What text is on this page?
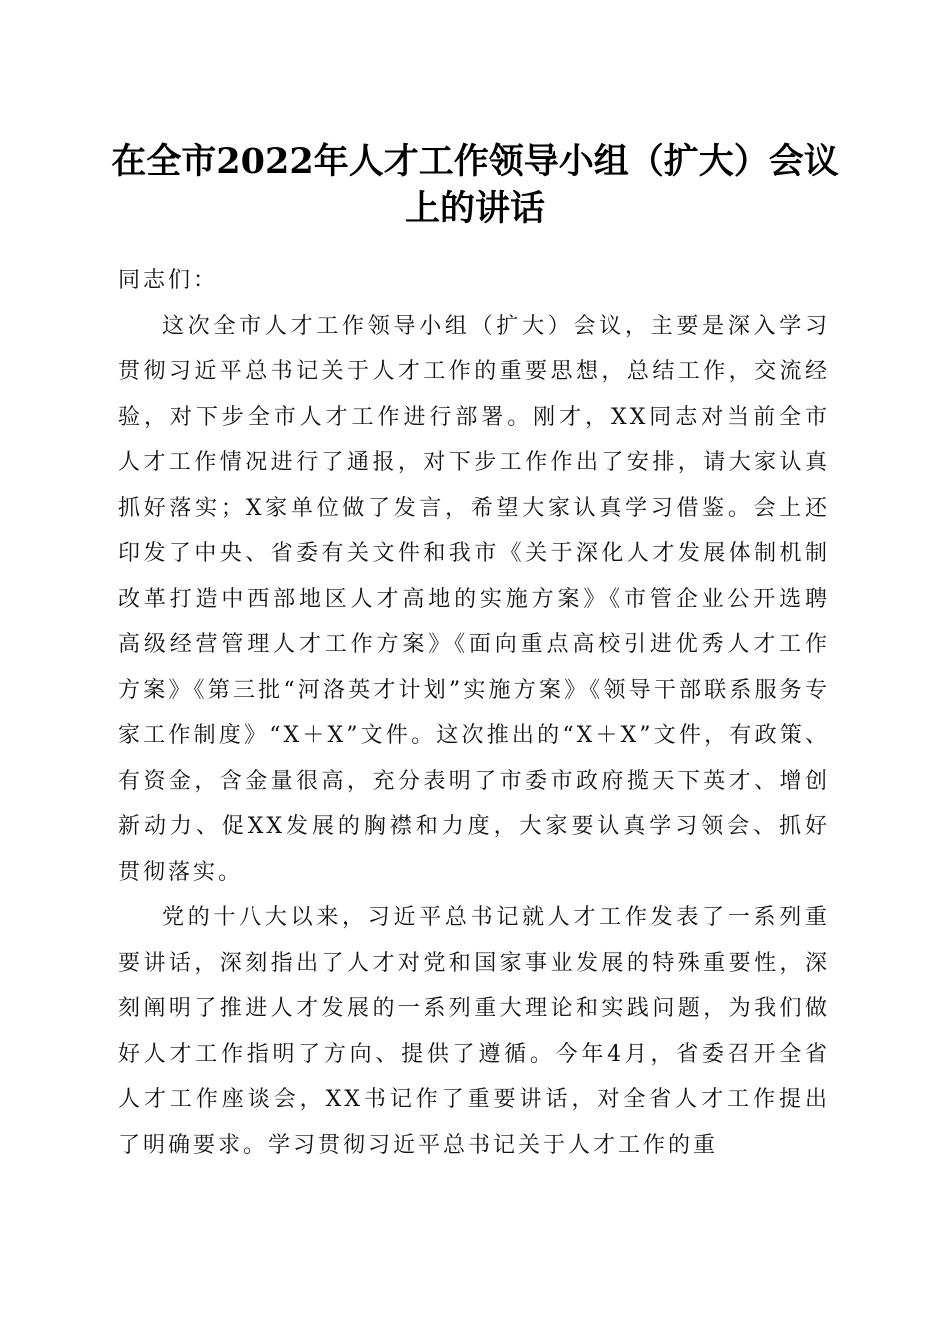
在全市2022年人才工作领导小组（扩大）会议上的讲话

同志们：

这次全市人才工作领导小组（扩大）会议，主要是深入学习贯彻习近平总书记关于人才工作的重要思想，总结工作，交流经验，对下步全市人才工作进行部署。刚才，XX同志对当前全市人才工作情况进行了通报，对下步工作作出了安排，请大家认真抓好落实；X家单位做了发言，希望大家认真学习借鉴。会上还印发了中央、省委有关文件和我市《关于深化人才发展体制机制改革打造中西部地区人才高地的实施方案》《市管企业公开选聘高级经营管理人才工作方案》《面向重点高校引进优秀人才工作方案》《第三批“河洛英才计划”实施方案》《领导干部联系服务专家工作制度》“X＋X”文件。这次推出的“X＋X”文件，有政策、有资金，含金量很高，充分表明了市委市政府揽天下英才、增创新动力、促XX发展的胸襟和力度，大家要认真学习领会、抓好贯彻落实。

党的十八大以来，习近平总书记就人才工作发表了一系列重要讲话，深刻指出了人才对党和国家事业发展的特殊重要性，深刻阐明了推进人才发展的一系列重大理论和实践问题，为我们做好人才工作指明了方向、提供了遵循。今年4月，省委召开全省人才工作座谈会，XX书记作了重要讲话，对全省人才工作提出了明确要求。学习贯彻习近平总书记关于人才工作的重
